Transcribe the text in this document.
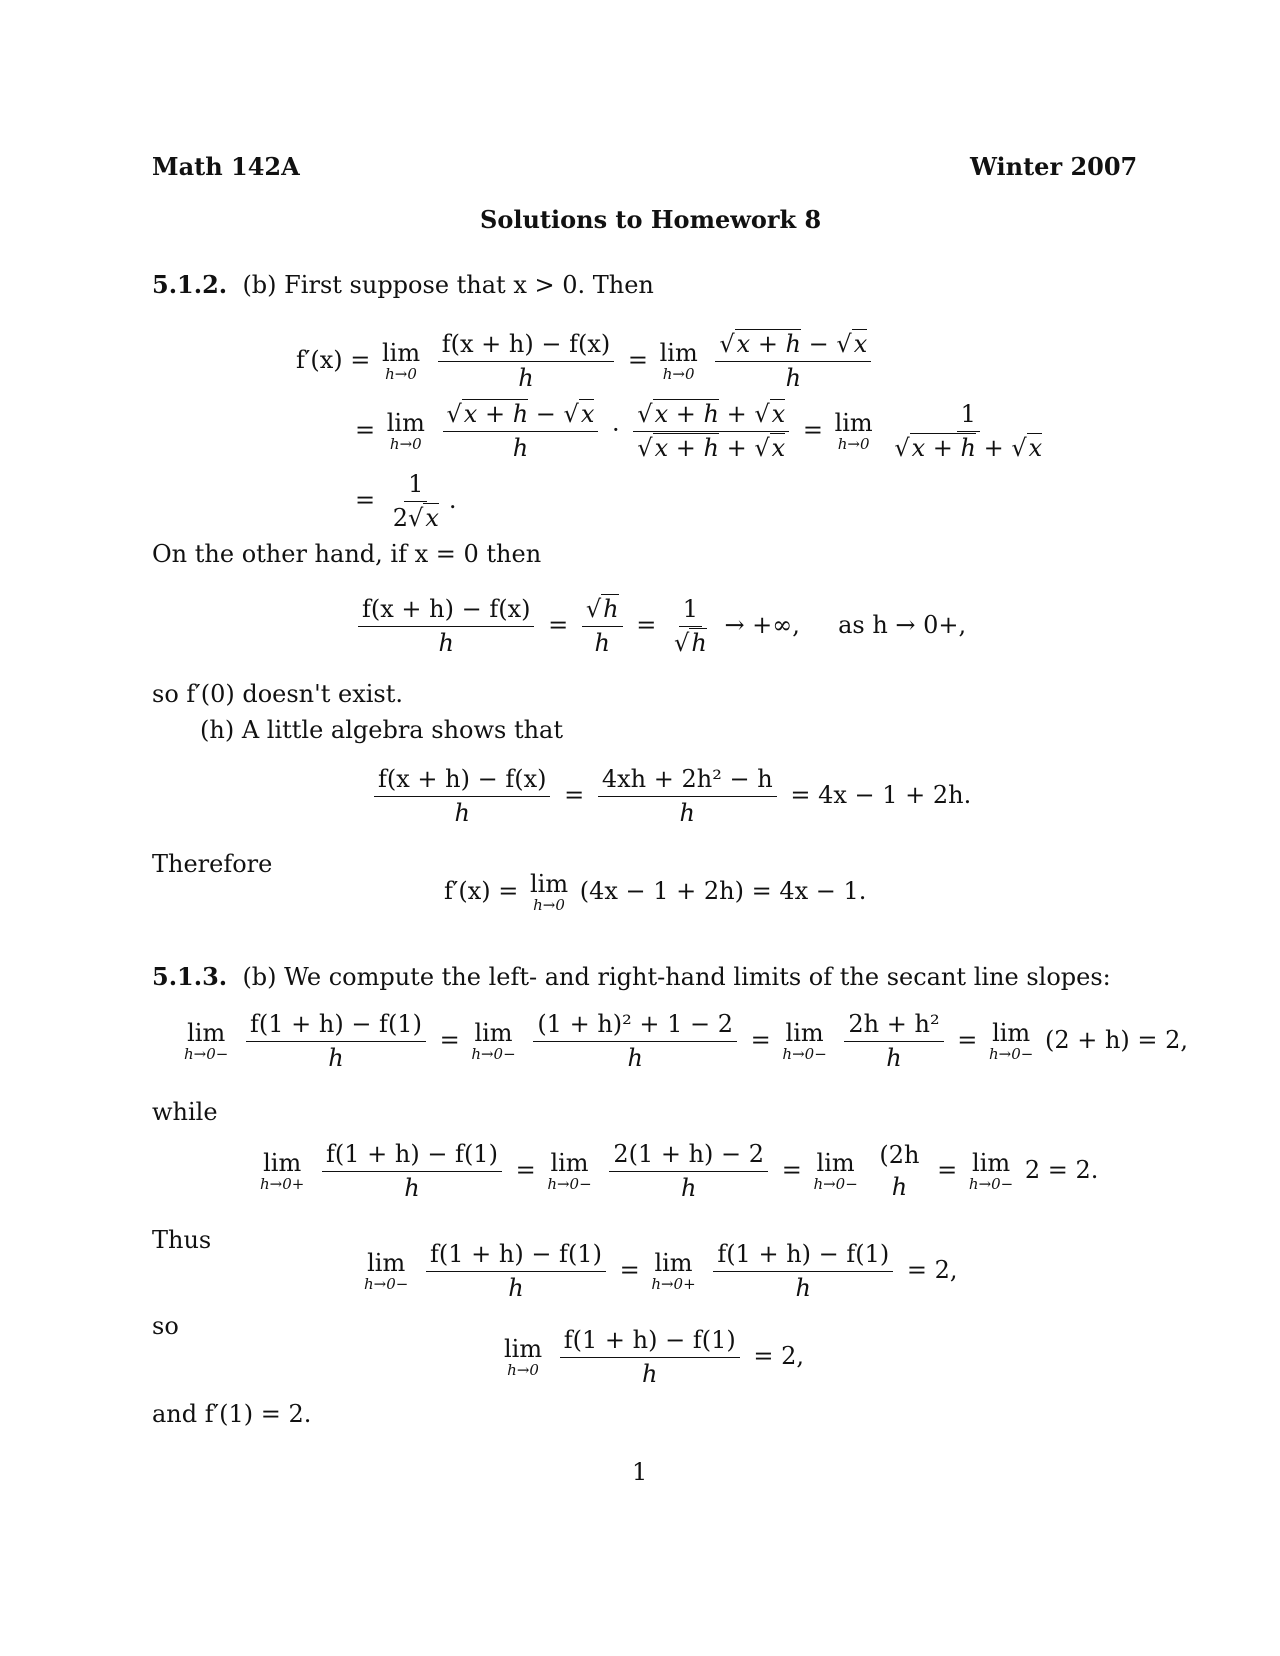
Math 142A	Winter 2007
Solutions to Homework 8
5.1.2. (b) First suppose that x > 0. Then
f′(x) = lim
h→0
$\frac{f(x + h) - f(x)}{h} = \lim$
h→0
$\frac{√x + h - √x}{h}$
= lim
h→0
$\frac{√x + h - √x}{h} \cdot \frac{√x + h + √x}{√x + h + √x} = \lim$
h→0
$\frac{1}{√x + h + √x}$
= $\frac{1}{2√x}$ .
On the other hand, if x = 0 then
$\frac{f(x + h) - f(x)}{h} = \frac{√h}{h} = \frac{1}{√h}$ → +∞, as h → 0+,
so f′(0) doesn't exist.
(h) A little algebra shows that
$\frac{f(x + h) - f(x)}{h} = \frac{\text{4xh + 2h² − h}}{h} = 4x - 1 + 2h$.
Therefore
f′(x) = lim
h→0 (4x − 1 + 2h) = 4x − 1.
5.1.3. (b) We compute the left- and right-hand limits of the secant line slopes:
lim
h→0−
$\frac{f(1 + h) - f(1)}{h} = \lim$
h→0−
$\frac{\text{(1 + h)² + 1 − 2}}{h} = \lim$
h→0−
$\frac{\text{2h + h²}}{h} = \lim$
h→0− (2 + h) = 2,
while
lim
h→0+
$\frac{f(1 + h) - f(1)}{h} = \lim$
h→0−
$\frac{2(1 + h) - 2}{h} = \lim$
h→0−

(2h
h
= lim
h→0− 2 = 2.
Thus
lim
h→0−
$\frac{f(1 + h) - f(1)}{h} = \lim$
h→0+
$\frac{f(1 + h) - f(1)}{h} = 2$,
so
lim
h→0
$\frac{f(1 + h) - f(1)}{h} = 2$,
and f′(1) = 2.
1
